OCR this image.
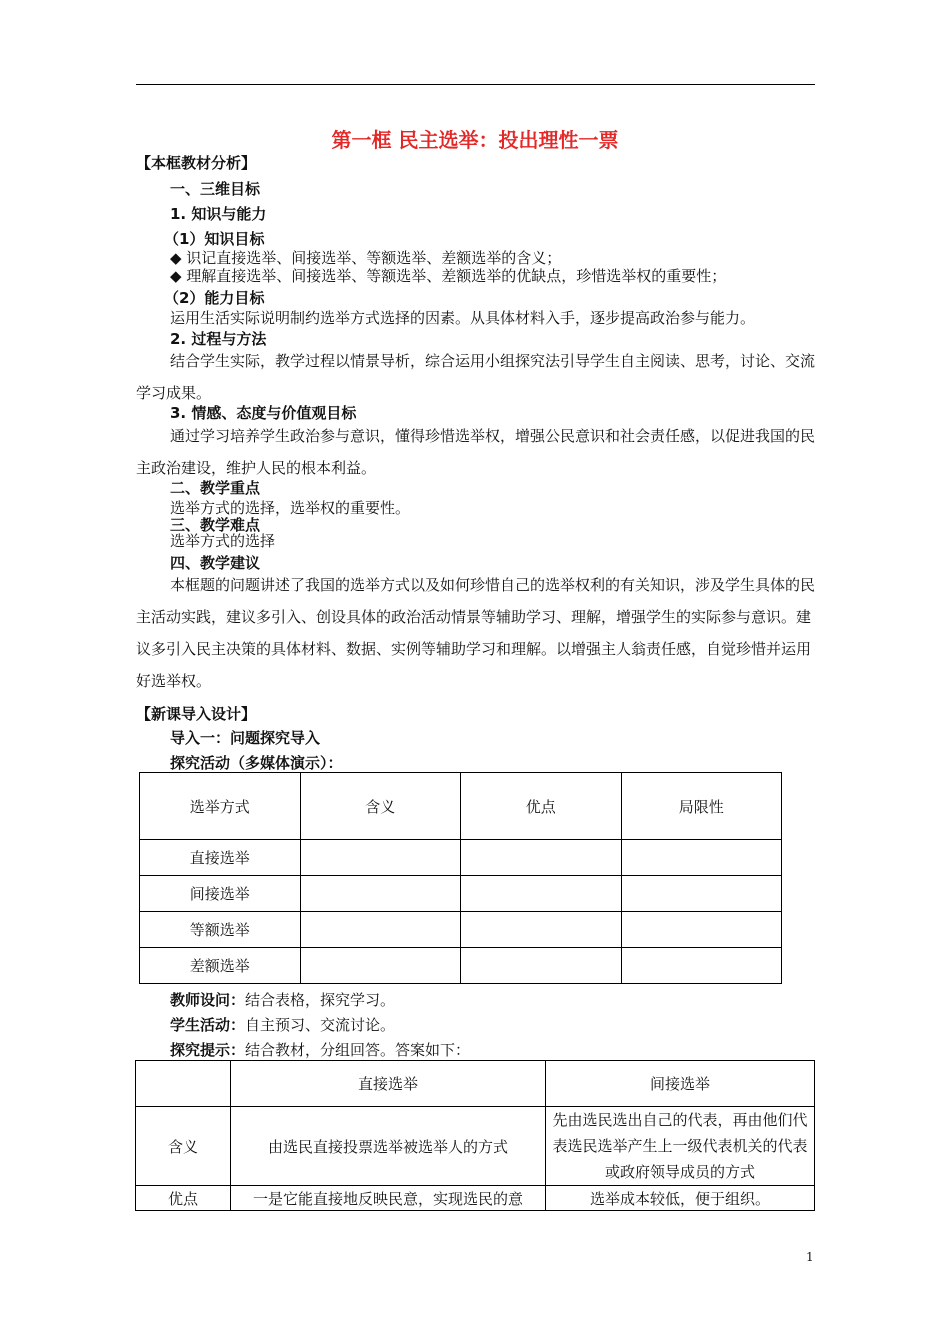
第一框 民主选举：投出理性一票
【本框教材分析】
一、三维目标
1. 知识与能力
（1）知识目标
◆ 识记直接选举、间接选举、等额选举、差额选举的含义；
◆ 理解直接选举、间接选举、等额选举、差额选举的优缺点，珍惜选举权的重要性；
（2）能力目标
运用生活实际说明制约选举方式选择的因素。从具体材料入手，逐步提高政治参与能力。
2. 过程与方法
结合学生实际，教学过程以情景导析，综合运用小组探究法引导学生自主阅读、思考，讨论、交流学习成果。
3. 情感、态度与价值观目标
通过学习培养学生政治参与意识，懂得珍惜选举权，增强公民意识和社会责任感，以促进我国的民主政治建设，维护人民的根本利益。
二、教学重点
选举方式的选择，选举权的重要性。
三、教学难点
选举方式的选择
四、教学建议
本框题的问题讲述了我国的选举方式以及如何珍惜自己的选举权利的有关知识，涉及学生具体的民主活动实践，建议多引入、创设具体的政治活动情景等辅助学习、理解，增强学生的实际参与意识。建议多引入民主决策的具体材料、数据、实例等辅助学习和理解。以增强主人翁责任感，自觉珍惜并运用好选举权。
【新课导入设计】
导入一：问题探究导入
探究活动（多媒体演示）：
选举方式	含义	优点	局限性
直接选举			
间接选举			
等额选举			
差额选举			
教师设问：结合表格，探究学习。
学生活动：自主预习、交流讨论。
探究提示：结合教材，分组回答。答案如下：
	直接选举	间接选举
含义	由选民直接投票选举被选举人的方式	先由选民选出自己的代表，再由他们代表选民选举产生上一级代表机关的代表或政府领导成员的方式
优点	一是它能直接地反映民意，实现选民的意	选举成本较低，便于组织。
1
